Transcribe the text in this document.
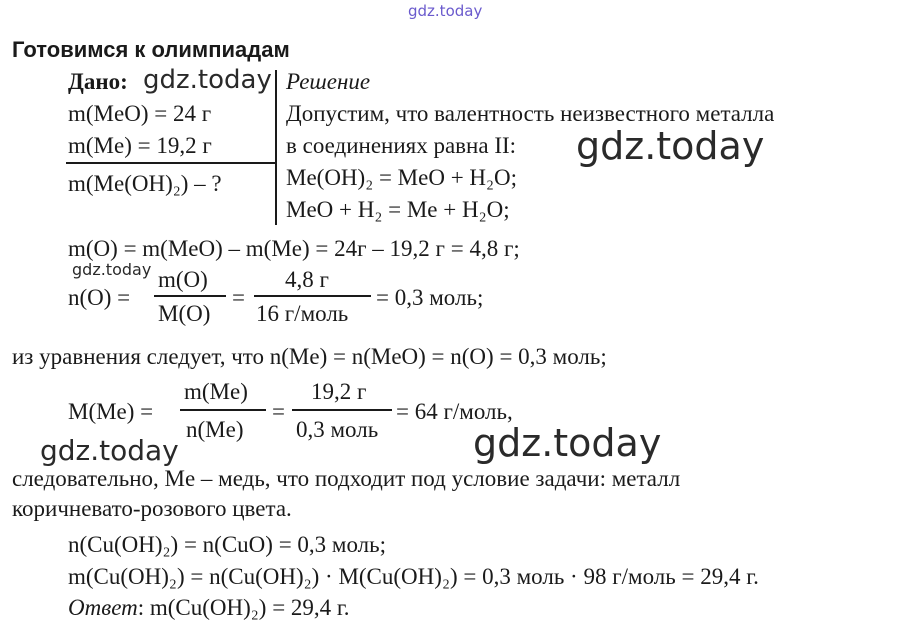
gdz.today
gdz.today
gdz.today
gdz.today
gdz.today	gdz.today
Готовимся к олимпиадам
Дано:
m(MeO) = 24 г
m(Me) = 19,2 г
m(Me(OH)₂) – ?
Решение
Допустим, что валентность неизвестного металла
в соединениях равна II:
Me(OH)₂ = MeO + H₂O;
MeO + H₂ = Me + H₂O;
m(O) = m(MeO) – m(Me) = 24г – 19,2 г = 4,8 г;
n(O) =
m(O)
M(O)
=
4,8 г
16 г/моль
= 0,3 моль;
из уравнения следует, что n(Me) = n(MeO) = n(O) = 0,3 моль;
M(Me) =
m(Me)
n(Me)
=
19,2 г
0,3 моль
= 64 г/моль,
следовательно, Me – медь, что подходит под условие задачи: металл
коричневато-розового цвета.
n(Cu(OH)₂) = n(CuO) = 0,3 моль;
m(Cu(OH)₂) = n(Cu(OH)₂) · M(Cu(OH)₂) = 0,3 моль · 98 г/моль = 29,4 г.
Ответ: m(Cu(OH)₂) = 29,4 г.
